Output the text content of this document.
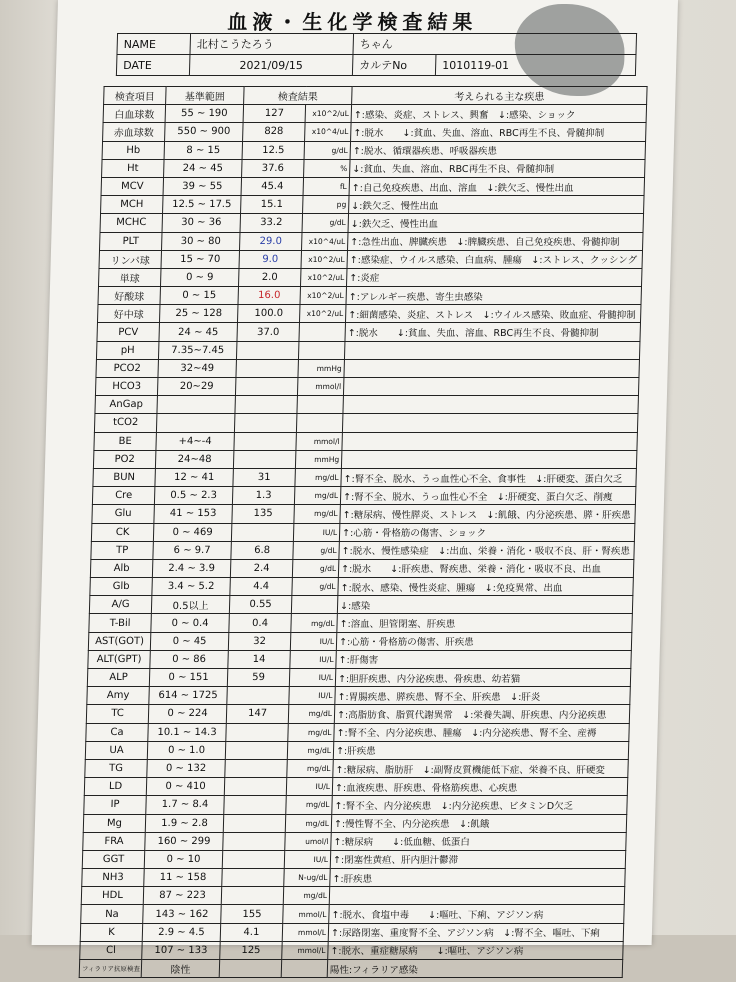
血液・生化学検査結果
NAME	北村こうたろう	ちゃん	
DATE	2021/09/15	カルテNo	1010119-01
検査項目	基準範囲	検査結果		考えられる主な疾患
白血球数	55 ~ 190	127	x10^2/uL	↑:感染、炎症、ストレス、興奮　↓:感染、ショック
赤血球数	550 ~ 900	828	x10^4/uL	↑:脱水　　↓:貧血、失血、溶血、RBC再生不良、骨髄抑制
Hb	8 ~ 15	12.5	g/dL	↑:脱水、循環器疾患、呼吸器疾患
Ht	24 ~ 45	37.6	%	↓:貧血、失血、溶血、RBC再生不良、骨髄抑制
MCV	39 ~ 55	45.4	fL	↑:自己免疫疾患、出血、溶血　↓:鉄欠乏、慢性出血
MCH	12.5 ~ 17.5	15.1	pg	↓:鉄欠乏、慢性出血
MCHC	30 ~ 36	33.2	g/dL	↓:鉄欠乏、慢性出血
PLT	30 ~ 80	29.0	x10^4/uL	↑:急性出血、脾臓疾患　↓:脾臓疾患、自己免疫疾患、骨髄抑制
リンパ球	15 ~ 70	9.0	x10^2/uL	↑:感染症、ウイルス感染、白血病、腫瘍　↓:ストレス、クッシング
単球	0 ~ 9	2.0	x10^2/uL	↑:炎症
好酸球	0 ~ 15	16.0	x10^2/uL	↑:アレルギー疾患、寄生虫感染
好中球	25 ~ 128	100.0	x10^2/uL	↑:細菌感染、炎症、ストレス　↓:ウイルス感染、敗血症、骨髄抑制
PCV	24 ~ 45	37.0		↑:脱水　　↓:貧血、失血、溶血、RBC再生不良、骨髄抑制
pH	7.35~7.45			
PCO2	32~49		mmHg	
HCO3	20~29		mmol/l	
AnGap				
tCO2				
BE	+4~-4		mmol/l	
PO2	24~48		mmHg	
BUN	12 ~ 41	31	mg/dL	↑:腎不全、脱水、うっ血性心不全、食事性　↓:肝硬変、蛋白欠乏
Cre	0.5 ~ 2.3	1.3	mg/dL	↑:腎不全、脱水、うっ血性心不全　↓:肝硬変、蛋白欠乏、削痩
Glu	41 ~ 153	135	mg/dL	↑:糖尿病、慢性膵炎、ストレス　↓:飢餓、内分泌疾患、膵・肝疾患
CK	0 ~ 469		IU/L	↑:心筋・骨格筋の傷害、ショック
TP	6 ~ 9.7	6.8	g/dL	↑:脱水、慢性感染症　↓:出血、栄養・消化・吸収不良、肝・腎疾患
Alb	2.4 ~ 3.9	2.4	g/dL	↑:脱水　　↓:肝疾患、腎疾患、栄養・消化・吸収不良、出血
Glb	3.4 ~ 5.2	4.4	g/dL	↑:脱水、感染、慢性炎症、腫瘍　↓:免疫異常、出血
A/G	0.5以上	0.55		↓:感染
T-Bil	0 ~ 0.4	0.4	mg/dL	↑:溶血、胆管閉塞、肝疾患
AST(GOT)	0 ~ 45	32	IU/L	↑:心筋・骨格筋の傷害、肝疾患
ALT(GPT)	0 ~ 86	14	IU/L	↑:肝傷害
ALP	0 ~ 151	59	IU/L	↑:胆肝疾患、内分泌疾患、骨疾患、幼若猫
Amy	614 ~ 1725		IU/L	↑:胃腸疾患、膵疾患、腎不全、肝疾患　↓:肝炎
TC	0 ~ 224	147	mg/dL	↑:高脂肪食、脂質代謝異常　↓:栄養失調、肝疾患、内分泌疾患
Ca	10.1 ~ 14.3		mg/dL	↑:腎不全、内分泌疾患、腫瘍　↓:内分泌疾患、腎不全、産褥
UA	0 ~ 1.0		mg/dL	↑:肝疾患
TG	0 ~ 132		mg/dL	↑:糖尿病、脂肪肝　↓:副腎皮質機能低下症、栄養不良、肝硬変
LD	0 ~ 410		IU/L	↑:血液疾患、肝疾患、骨格筋疾患、心疾患
IP	1.7 ~ 8.4		mg/dL	↑:腎不全、内分泌疾患　↓:内分泌疾患、ビタミンD欠乏
Mg	1.9 ~ 2.8		mg/dL	↑:慢性腎不全、内分泌疾患　↓:飢餓
FRA	160 ~ 299		umol/l	↑:糖尿病　　↓:低血糖、低蛋白
GGT	0 ~ 10		IU/L	↑:閉塞性黄疸、肝内胆汁鬱滞
NH3	11 ~ 158		N-ug/dL	↑:肝疾患
HDL	87 ~ 223		mg/dL	
Na	143 ~ 162	155	mmol/L	↑:脱水、食塩中毒　　↓:嘔吐、下痢、アジソン病
K	2.9 ~ 4.5	4.1	mmol/L	↑:尿路閉塞、重度腎不全、アジソン病　↓:腎不全、嘔吐、下痢
Cl	107 ~ 133	125	mmol/L	↑:脱水、重症糖尿病　　↓:嘔吐、アジソン病
フィラリア抗原検査	陰性			陽性:フィラリア感染
